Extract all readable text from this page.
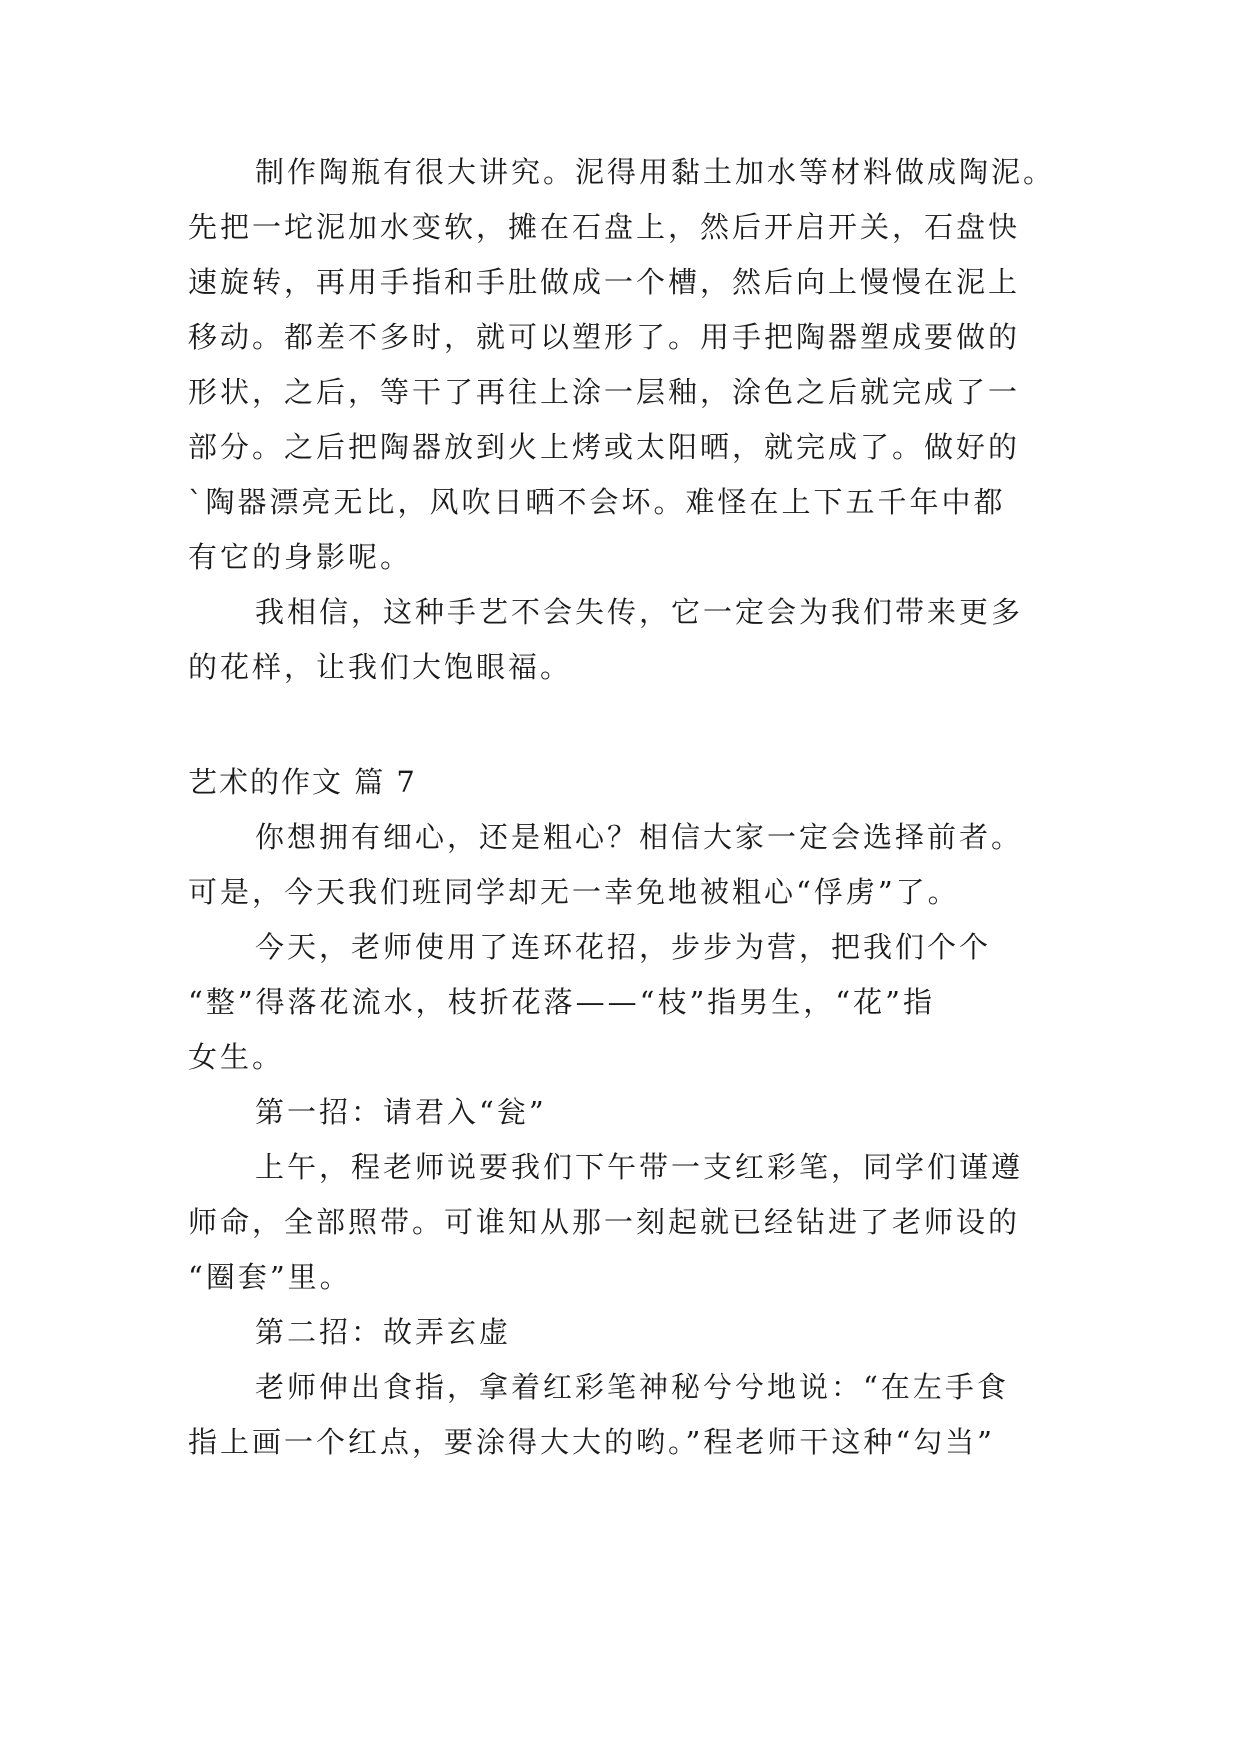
制作陶瓶有很大讲究。泥得用黏土加水等材料做成陶泥。
先把一坨泥加水变软，摊在石盘上，然后开启开关，石盘快
速旋转，再用手指和手肚做成一个槽，然后向上慢慢在泥上
移动。都差不多时，就可以塑形了。用手把陶器塑成要做的
形状，之后，等干了再往上涂一层釉，涂色之后就完成了一
部分。之后把陶器放到火上烤或太阳晒，就完成了。做好的
`陶器漂亮无比，风吹日晒不会坏。难怪在上下五千年中都
有它的身影呢。
我相信，这种手艺不会失传，它一定会为我们带来更多
的花样，让我们大饱眼福。
艺术的作文 篇 7
你想拥有细心，还是粗心？相信大家一定会选择前者。
可是，今天我们班同学却无一幸免地被粗心“俘虏”了。
今天，老师使用了连环花招，步步为营，把我们个个
“整”得落花流水，枝折花落——“枝”指男生，“花”指
女生。
第一招：请君入“瓮”
上午，程老师说要我们下午带一支红彩笔，同学们谨遵
师命，全部照带。可谁知从那一刻起就已经钻进了老师设的
“圈套”里。
第二招：故弄玄虚
老师伸出食指，拿着红彩笔神秘兮兮地说：“在左手食
指上画一个红点，要涂得大大的哟。”程老师干这种“勾当”
